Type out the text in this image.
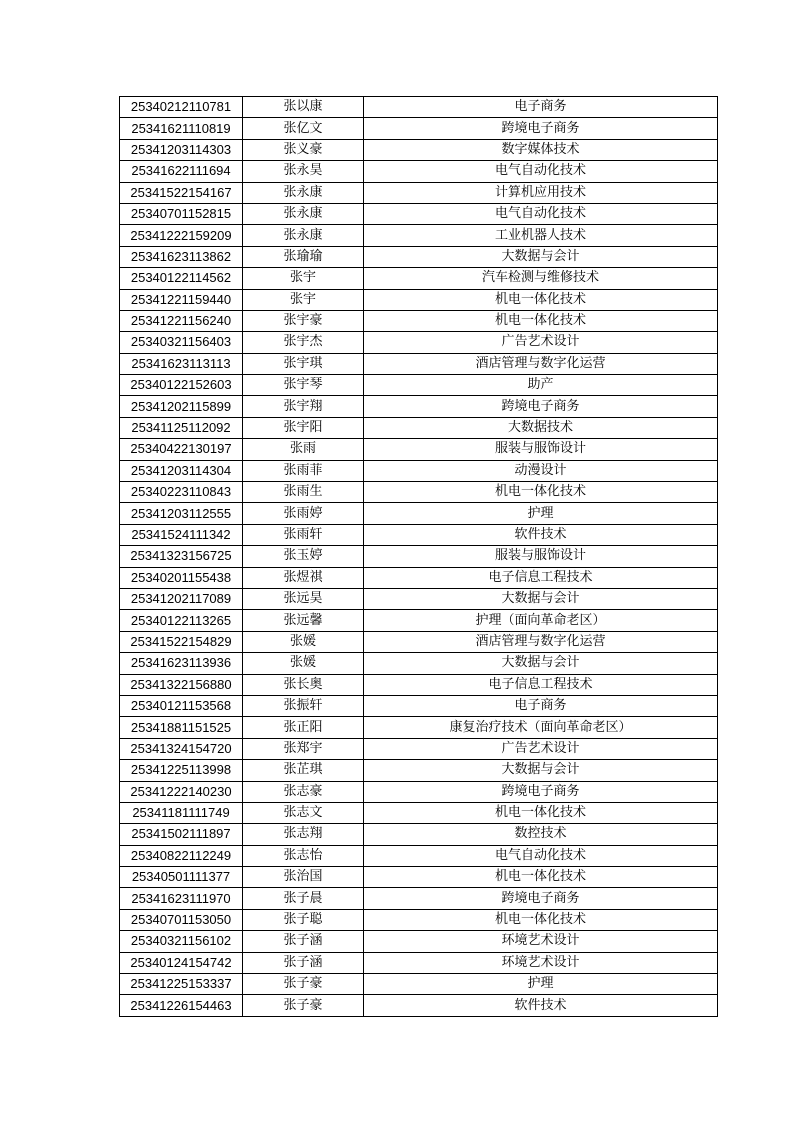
25340212110781	张以康	电子商务
25341621110819	张亿文	跨境电子商务
25341203114303	张义豪	数字媒体技术
25341622111694	张永昊	电气自动化技术
25341522154167	张永康	计算机应用技术
25340701152815	张永康	电气自动化技术
25341222159209	张永康	工业机器人技术
25341623113862	张瑜瑜	大数据与会计
25340122114562	张宇	汽车检测与维修技术
25341221159440	张宇	机电一体化技术
25341221156240	张宇豪	机电一体化技术
25340321156403	张宇杰	广告艺术设计
25341623113113	张宇琪	酒店管理与数字化运营
25340122152603	张宇琴	助产
25341202115899	张宇翔	跨境电子商务
25341125112092	张宇阳	大数据技术
25340422130197	张雨	服装与服饰设计
25341203114304	张雨菲	动漫设计
25340223110843	张雨生	机电一体化技术
25341203112555	张雨婷	护理
25341524111342	张雨轩	软件技术
25341323156725	张玉婷	服装与服饰设计
25340201155438	张煜祺	电子信息工程技术
25341202117089	张远昊	大数据与会计
25340122113265	张远馨	护理（面向革命老区）
25341522154829	张媛	酒店管理与数字化运营
25341623113936	张媛	大数据与会计
25341322156880	张长奥	电子信息工程技术
25340121153568	张振轩	电子商务
25341881151525	张正阳	康复治疗技术（面向革命老区）
25341324154720	张郑宇	广告艺术设计
25341225113998	张芷琪	大数据与会计
25341222140230	张志豪	跨境电子商务
25341181111749	张志文	机电一体化技术
25341502111897	张志翔	数控技术
25340822112249	张志怡	电气自动化技术
25340501111377	张治国	机电一体化技术
25341623111970	张子晨	跨境电子商务
25340701153050	张子聪	机电一体化技术
25340321156102	张子涵	环境艺术设计
25340124154742	张子涵	环境艺术设计
25341225153337	张子豪	护理
25341226154463	张子豪	软件技术
